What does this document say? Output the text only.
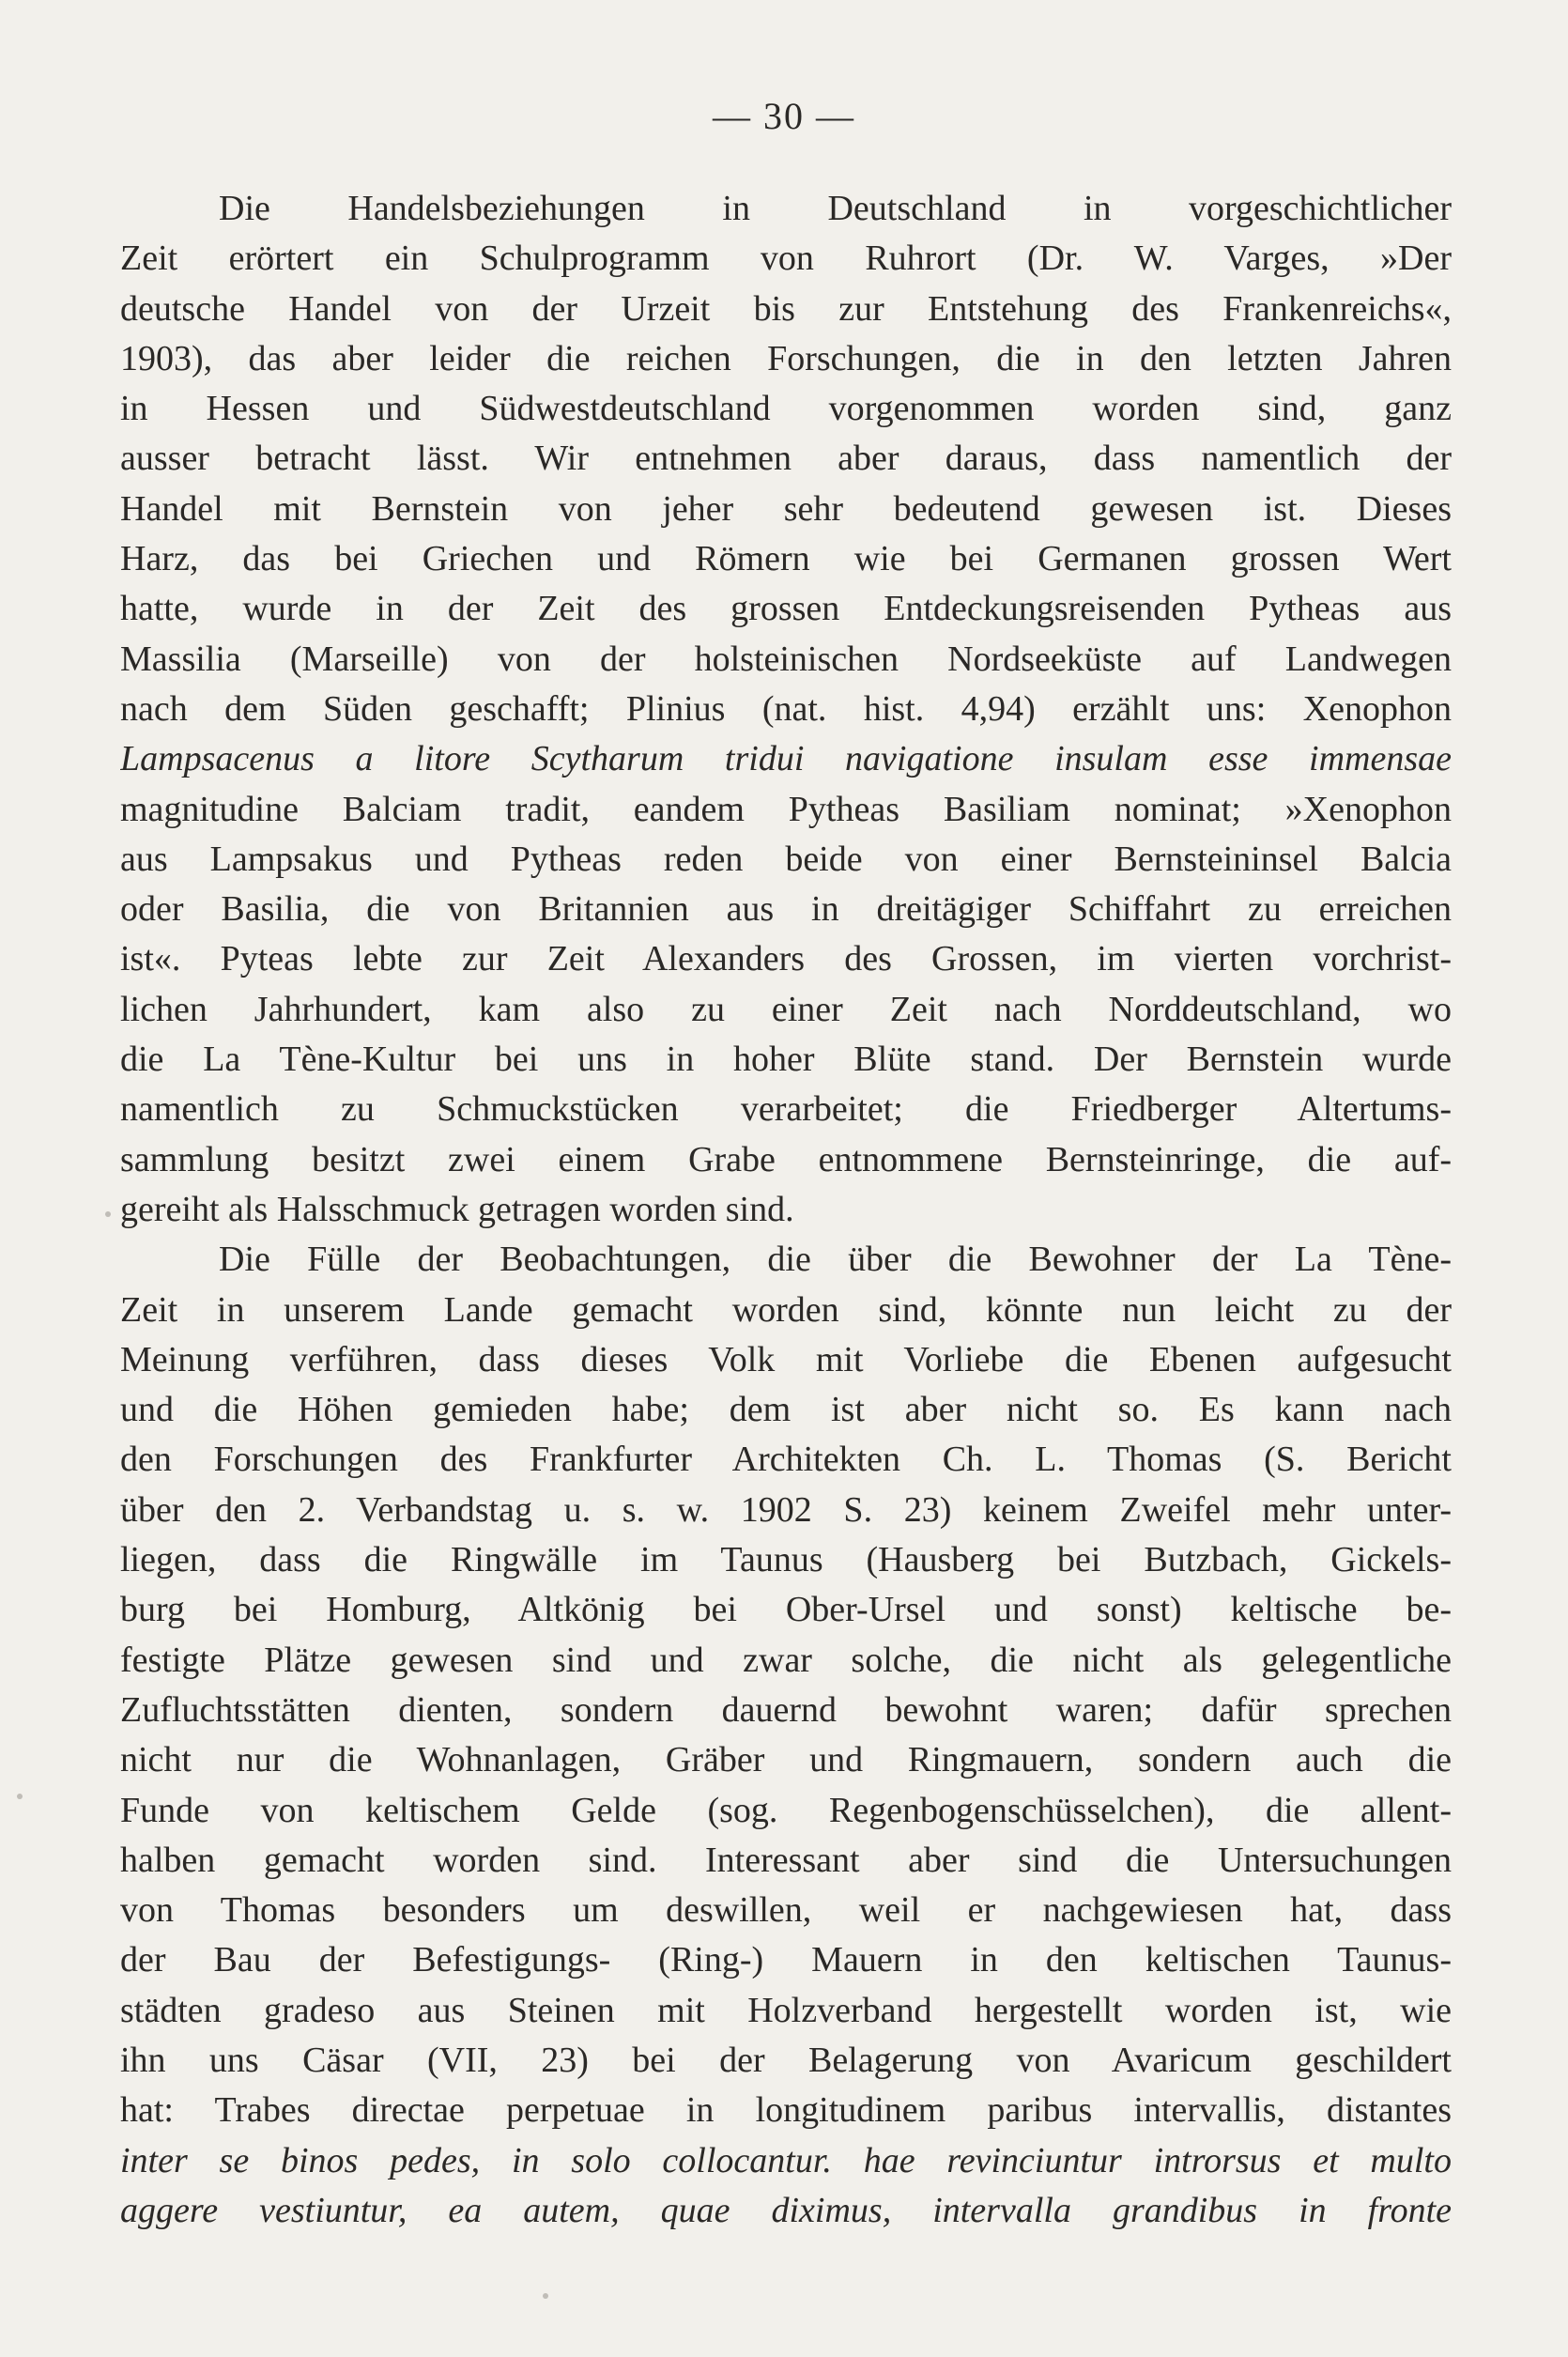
— 30 —
Die Handelsbeziehungen in Deutschland in vorgeschichtlicher
Zeit erörtert ein Schulprogramm von Ruhrort (Dr. W. Varges, »Der
deutsche Handel von der Urzeit bis zur Entstehung des Frankenreichs«,
1903), das aber leider die reichen Forschungen, die in den letzten Jahren
in Hessen und Südwestdeutschland vorgenommen worden sind, ganz
ausser betracht lässt. Wir entnehmen aber daraus, dass namentlich der
Handel mit Bernstein von jeher sehr bedeutend gewesen ist. Dieses
Harz, das bei Griechen und Römern wie bei Germanen grossen Wert
hatte, wurde in der Zeit des grossen Entdeckungsreisenden Pytheas aus
Massilia (Marseille) von der holsteinischen Nordseeküste auf Landwegen
nach dem Süden geschafft; Plinius (nat. hist. 4,94) erzählt uns: Xenophon
Lampsacenus a litore Scytharum tridui navigatione insulam esse immensae
magnitudine Balciam tradit, eandem Pytheas Basiliam nominat; »Xenophon
aus Lampsakus und Pytheas reden beide von einer Bernsteininsel Balcia
oder Basilia, die von Britannien aus in dreitägiger Schiffahrt zu erreichen
ist«. Pyteas lebte zur Zeit Alexanders des Grossen, im vierten vorchrist-
lichen Jahrhundert, kam also zu einer Zeit nach Norddeutschland, wo
die La Tène-Kultur bei uns in hoher Blüte stand. Der Bernstein wurde
namentlich zu Schmuckstücken verarbeitet; die Friedberger Altertums-
sammlung besitzt zwei einem Grabe entnommene Bernsteinringe, die auf-
gereiht als Halsschmuck getragen worden sind.
Die Fülle der Beobachtungen, die über die Bewohner der La Tène-
Zeit in unserem Lande gemacht worden sind, könnte nun leicht zu der
Meinung verführen, dass dieses Volk mit Vorliebe die Ebenen aufgesucht
und die Höhen gemieden habe; dem ist aber nicht so. Es kann nach
den Forschungen des Frankfurter Architekten Ch. L. Thomas (S. Bericht
über den 2. Verbandstag u. s. w. 1902 S. 23) keinem Zweifel mehr unter-
liegen, dass die Ringwälle im Taunus (Hausberg bei Butzbach, Gickels-
burg bei Homburg, Altkönig bei Ober-Ursel und sonst) keltische be-
festigte Plätze gewesen sind und zwar solche, die nicht als gelegentliche
Zufluchtsstätten dienten, sondern dauernd bewohnt waren; dafür sprechen
nicht nur die Wohnanlagen, Gräber und Ringmauern, sondern auch die
Funde von keltischem Gelde (sog. Regenbogenschüsselchen), die allent-
halben gemacht worden sind. Interessant aber sind die Untersuchungen
von Thomas besonders um deswillen, weil er nachgewiesen hat, dass
der Bau der Befestigungs- (Ring-) Mauern in den keltischen Taunus-
städten gradeso aus Steinen mit Holzverband hergestellt worden ist, wie
ihn uns Cäsar (VII, 23) bei der Belagerung von Avaricum geschildert
hat: Trabes directae perpetuae in longitudinem paribus intervallis, distantes
inter se binos pedes, in solo collocantur. hae revinciuntur introrsus et multo
aggere vestiuntur, ea autem, quae diximus, intervalla grandibus in fronte
